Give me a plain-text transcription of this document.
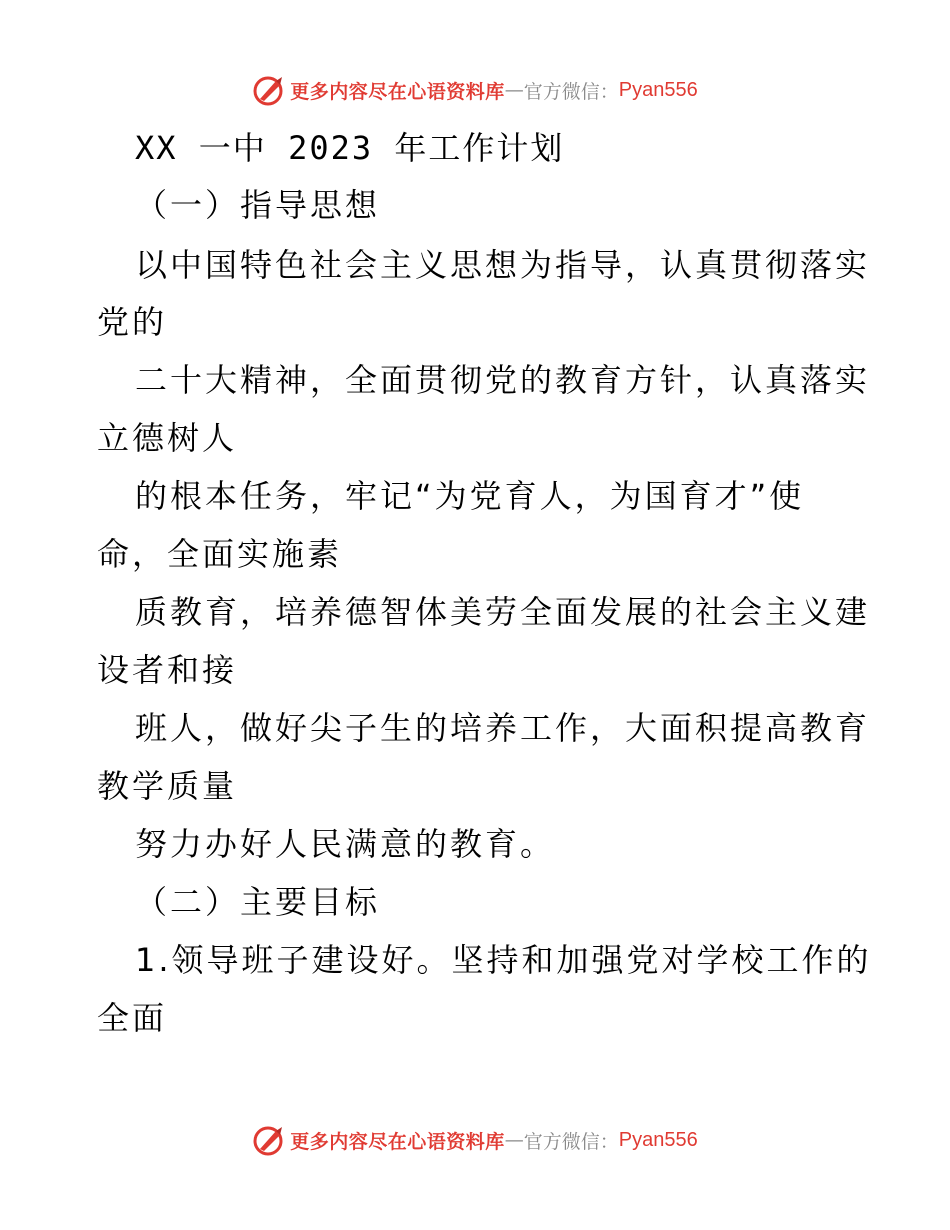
更多内容尽在心语资料库 — 官方微信： Pyan556
XX 一中 2023 年工作计划
（一）指导思想
以中国特色社会主义思想为指导，认真贯彻落实
党的
二十大精神，全面贯彻党的教育方针，认真落实
立德树人
的根本任务，牢记“为党育人，为国育才”使
命，全面实施素
质教育，培养德智体美劳全面发展的社会主义建
设者和接
班人，做好尖子生的培养工作，大面积提高教育
教学质量
努力办好人民满意的教育。
（二）主要目标
1.领导班子建设好。坚持和加强党对学校工作的
全面
更多内容尽在心语资料库 — 官方微信： Pyan556
